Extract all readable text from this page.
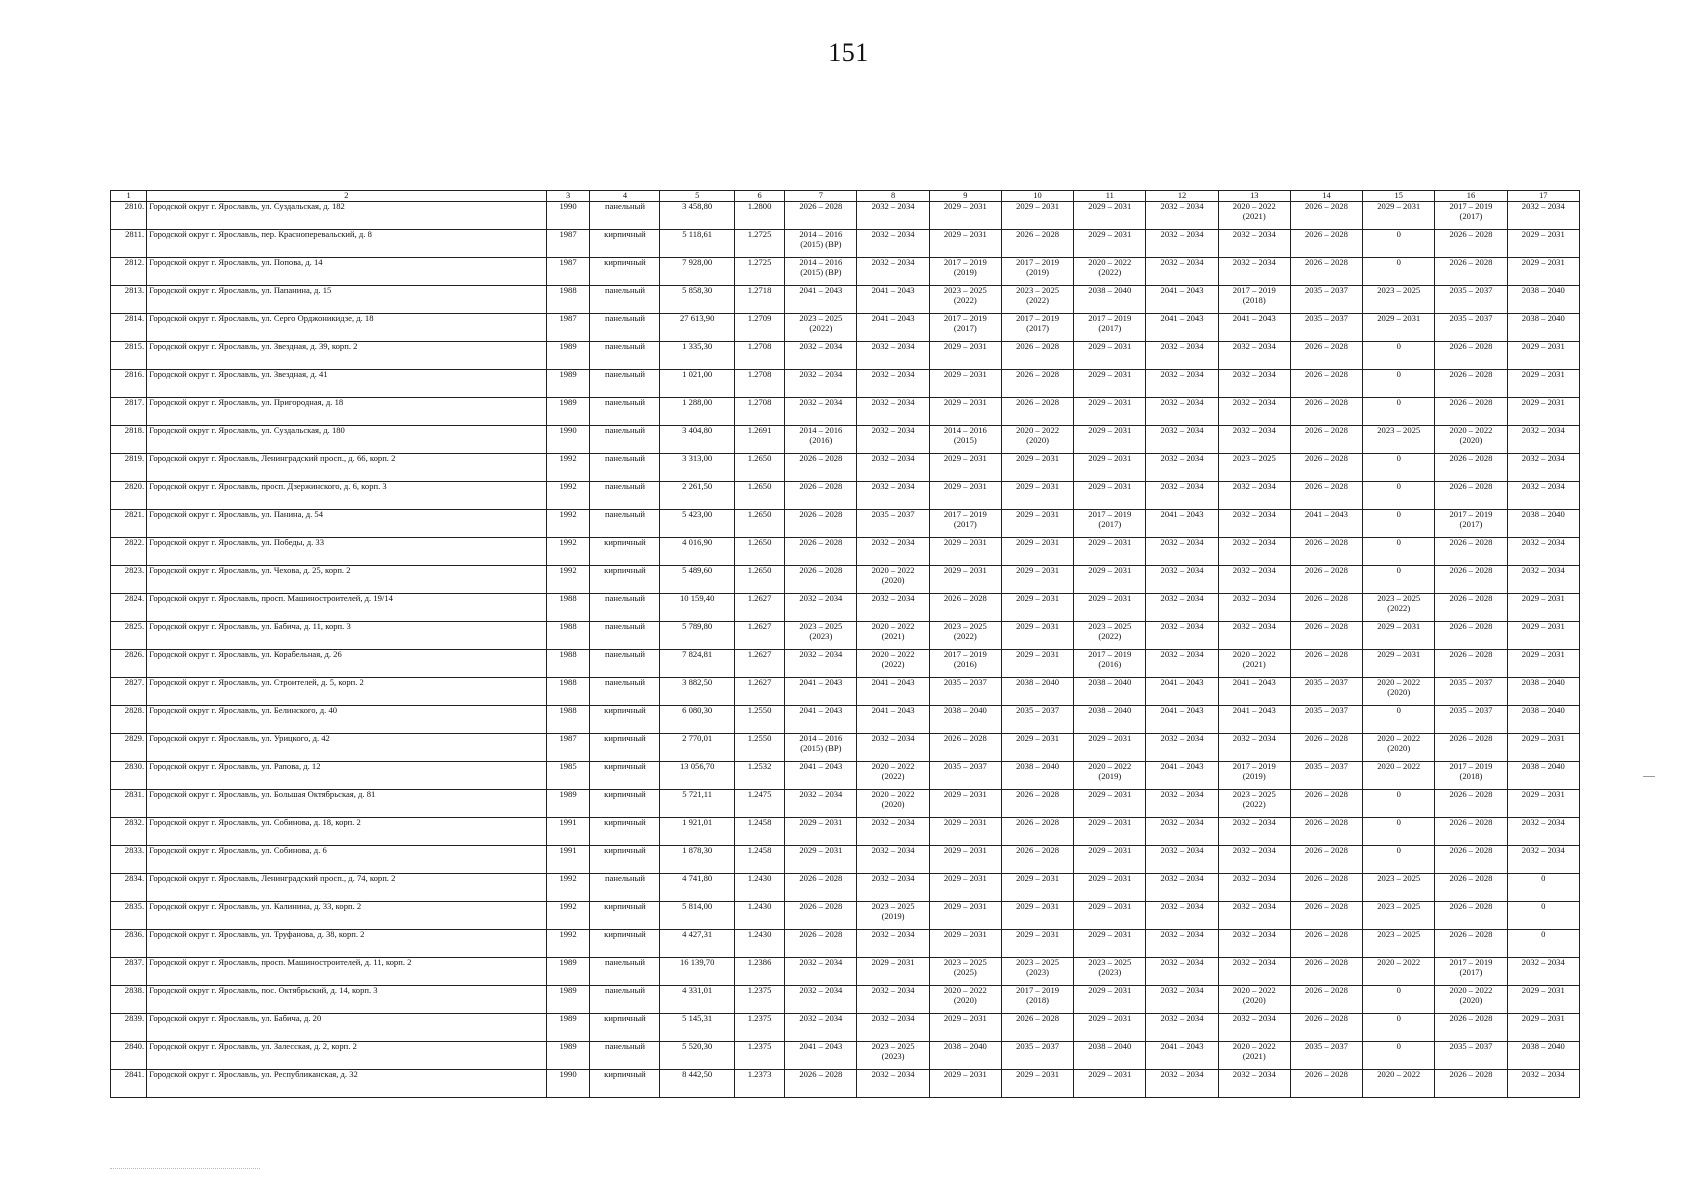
151
1	2	3	4	5	6	7	8	9	10	11	12	13	14	15	16	17
2810.	Городской округ г. Ярославль, ул. Суздальская, д. 182	1990	панельный	3 458,80	1.2800	2026 – 2028	2032 – 2034	2029 – 2031	2029 – 2031	2029 – 2031	2032 – 2034	2020 – 2022 (2021)	2026 – 2028	2029 – 2031	2017 – 2019 (2017)	2032 – 2034
2811.	Городской округ г. Ярославль, пер. Красноперевальский, д. 8	1987	кирпичный	5 118,61	1.2725	2014 – 2016 (2015) (ВР)	2032 – 2034	2029 – 2031	2026 – 2028	2029 – 2031	2032 – 2034	2032 – 2034	2026 – 2028	0	2026 – 2028	2029 – 2031
2812.	Городской округ г. Ярославль, ул. Попова, д. 14	1987	кирпичный	7 928,00	1.2725	2014 – 2016 (2015) (ВР)	2032 – 2034	2017 – 2019 (2019)	2017 – 2019 (2019)	2020 – 2022 (2022)	2032 – 2034	2032 – 2034	2026 – 2028	0	2026 – 2028	2029 – 2031
2813.	Городской округ г. Ярославль, ул. Папанина, д. 15	1988	панельный	5 858,30	1.2718	2041 – 2043	2041 – 2043	2023 – 2025 (2022)	2023 – 2025 (2022)	2038 – 2040	2041 – 2043	2017 – 2019 (2018)	2035 – 2037	2023 – 2025	2035 – 2037	2038 – 2040
2814.	Городской округ г. Ярославль, ул. Серго Орджоникидзе, д. 18	1987	панельный	27 613,90	1.2709	2023 – 2025 (2022)	2041 – 2043	2017 – 2019 (2017)	2017 – 2019 (2017)	2017 – 2019 (2017)	2041 – 2043	2041 – 2043	2035 – 2037	2029 – 2031	2035 – 2037	2038 – 2040
2815.	Городской округ г. Ярославль, ул. Звездная, д. 39, корп. 2	1989	панельный	1 335,30	1.2708	2032 – 2034	2032 – 2034	2029 – 2031	2026 – 2028	2029 – 2031	2032 – 2034	2032 – 2034	2026 – 2028	0	2026 – 2028	2029 – 2031
2816.	Городской округ г. Ярославль, ул. Звездная, д. 41	1989	панельный	1 021,00	1.2708	2032 – 2034	2032 – 2034	2029 – 2031	2026 – 2028	2029 – 2031	2032 – 2034	2032 – 2034	2026 – 2028	0	2026 – 2028	2029 – 2031
2817.	Городской округ г. Ярославль, ул. Пригородная, д. 18	1989	панельный	1 288,00	1.2708	2032 – 2034	2032 – 2034	2029 – 2031	2026 – 2028	2029 – 2031	2032 – 2034	2032 – 2034	2026 – 2028	0	2026 – 2028	2029 – 2031
2818.	Городской округ г. Ярославль, ул. Суздальская, д. 180	1990	панельный	3 404,80	1.2691	2014 – 2016 (2016)	2032 – 2034	2014 – 2016 (2015)	2020 – 2022 (2020)	2029 – 2031	2032 – 2034	2032 – 2034	2026 – 2028	2023 – 2025	2020 – 2022 (2020)	2032 – 2034
2819.	Городской округ г. Ярославль, Ленинградский просп., д. 66, корп. 2	1992	панельный	3 313,00	1.2650	2026 – 2028	2032 – 2034	2029 – 2031	2029 – 2031	2029 – 2031	2032 – 2034	2023 – 2025	2026 – 2028	0	2026 – 2028	2032 – 2034
2820.	Городской округ г. Ярославль, просп. Дзержинского, д. 6, корп. 3	1992	панельный	2 261,50	1.2650	2026 – 2028	2032 – 2034	2029 – 2031	2029 – 2031	2029 – 2031	2032 – 2034	2032 – 2034	2026 – 2028	0	2026 – 2028	2032 – 2034
2821.	Городской округ г. Ярославль, ул. Панина, д. 54	1992	панельный	5 423,00	1.2650	2026 – 2028	2035 – 2037	2017 – 2019 (2017)	2029 – 2031	2017 – 2019 (2017)	2041 – 2043	2032 – 2034	2041 – 2043	0	2017 – 2019 (2017)	2038 – 2040
2822.	Городской округ г. Ярославль, ул. Победы, д. 33	1992	кирпичный	4 016,90	1.2650	2026 – 2028	2032 – 2034	2029 – 2031	2029 – 2031	2029 – 2031	2032 – 2034	2032 – 2034	2026 – 2028	0	2026 – 2028	2032 – 2034
2823.	Городской округ г. Ярославль, ул. Чехова, д. 25, корп. 2	1992	кирпичный	5 489,60	1.2650	2026 – 2028	2020 – 2022 (2020)	2029 – 2031	2029 – 2031	2029 – 2031	2032 – 2034	2032 – 2034	2026 – 2028	0	2026 – 2028	2032 – 2034
2824.	Городской округ г. Ярославль, просп. Машиностроителей, д. 19/14	1988	панельный	10 159,40	1.2627	2032 – 2034	2032 – 2034	2026 – 2028	2029 – 2031	2029 – 2031	2032 – 2034	2032 – 2034	2026 – 2028	2023 – 2025 (2022)	2026 – 2028	2029 – 2031
2825.	Городской округ г. Ярославль, ул. Бабича, д. 11, корп. 3	1988	панельный	5 789,80	1.2627	2023 – 2025 (2023)	2020 – 2022 (2021)	2023 – 2025 (2022)	2029 – 2031	2023 – 2025 (2022)	2032 – 2034	2032 – 2034	2026 – 2028	2029 – 2031	2026 – 2028	2029 – 2031
2826.	Городской округ г. Ярославль, ул. Корабельная, д. 26	1988	панельный	7 824,81	1.2627	2032 – 2034	2020 – 2022 (2022)	2017 – 2019 (2016)	2029 – 2031	2017 – 2019 (2016)	2032 – 2034	2020 – 2022 (2021)	2026 – 2028	2029 – 2031	2026 – 2028	2029 – 2031
2827.	Городской округ г. Ярославль, ул. Строителей, д. 5, корп. 2	1988	панельный	3 882,50	1.2627	2041 – 2043	2041 – 2043	2035 – 2037	2038 – 2040	2038 – 2040	2041 – 2043	2041 – 2043	2035 – 2037	2020 – 2022 (2020)	2035 – 2037	2038 – 2040
2828.	Городской округ г. Ярославль, ул. Белинского, д. 40	1988	кирпичный	6 080,30	1.2550	2041 – 2043	2041 – 2043	2038 – 2040	2035 – 2037	2038 – 2040	2041 – 2043	2041 – 2043	2035 – 2037	0	2035 – 2037	2038 – 2040
2829.	Городской округ г. Ярославль, ул. Урицкого, д. 42	1987	кирпичный	2 770,01	1.2550	2014 – 2016 (2015) (ВР)	2032 – 2034	2026 – 2028	2029 – 2031	2029 – 2031	2032 – 2034	2032 – 2034	2026 – 2028	2020 – 2022 (2020)	2026 – 2028	2029 – 2031
2830.	Городской округ г. Ярославль, ул. Рапова, д. 12	1985	кирпичный	13 056,70	1.2532	2041 – 2043	2020 – 2022 (2022)	2035 – 2037	2038 – 2040	2020 – 2022 (2019)	2041 – 2043	2017 – 2019 (2019)	2035 – 2037	2020 – 2022	2017 – 2019 (2018)	2038 – 2040
2831.	Городской округ г. Ярославль, ул. Большая Октябрьская, д. 81	1989	кирпичный	5 721,11	1.2475	2032 – 2034	2020 – 2022 (2020)	2029 – 2031	2026 – 2028	2029 – 2031	2032 – 2034	2023 – 2025 (2022)	2026 – 2028	0	2026 – 2028	2029 – 2031
2832.	Городской округ г. Ярославль, ул. Собинова, д. 18, корп. 2	1991	кирпичный	1 921,01	1.2458	2029 – 2031	2032 – 2034	2029 – 2031	2026 – 2028	2029 – 2031	2032 – 2034	2032 – 2034	2026 – 2028	0	2026 – 2028	2032 – 2034
2833.	Городской округ г. Ярославль, ул. Собинова, д. 6	1991	кирпичный	1 878,30	1.2458	2029 – 2031	2032 – 2034	2029 – 2031	2026 – 2028	2029 – 2031	2032 – 2034	2032 – 2034	2026 – 2028	0	2026 – 2028	2032 – 2034
2834.	Городской округ г. Ярославль, Ленинградский просп., д. 74, корп. 2	1992	панельный	4 741,80	1.2430	2026 – 2028	2032 – 2034	2029 – 2031	2029 – 2031	2029 – 2031	2032 – 2034	2032 – 2034	2026 – 2028	2023 – 2025	2026 – 2028	0
2835.	Городской округ г. Ярославль, ул. Калинина, д. 33, корп. 2	1992	кирпичный	5 814,00	1.2430	2026 – 2028	2023 – 2025 (2019)	2029 – 2031	2029 – 2031	2029 – 2031	2032 – 2034	2032 – 2034	2026 – 2028	2023 – 2025	2026 – 2028	0
2836.	Городской округ г. Ярославль, ул. Труфанова, д. 38, корп. 2	1992	кирпичный	4 427,31	1.2430	2026 – 2028	2032 – 2034	2029 – 2031	2029 – 2031	2029 – 2031	2032 – 2034	2032 – 2034	2026 – 2028	2023 – 2025	2026 – 2028	0
2837.	Городской округ г. Ярославль, просп. Машиностроителей, д. 11, корп. 2	1989	панельный	16 139,70	1.2386	2032 – 2034	2029 – 2031	2023 – 2025 (2025)	2023 – 2025 (2023)	2023 – 2025 (2023)	2032 – 2034	2032 – 2034	2026 – 2028	2020 – 2022	2017 – 2019 (2017)	2032 – 2034
2838.	Городской округ г. Ярославль, пос. Октябрьский, д. 14, корп. 3	1989	панельный	4 331,01	1.2375	2032 – 2034	2032 – 2034	2020 – 2022 (2020)	2017 – 2019 (2018)	2029 – 2031	2032 – 2034	2020 – 2022 (2020)	2026 – 2028	0	2020 – 2022 (2020)	2029 – 2031
2839.	Городской округ г. Ярославль, ул. Бабича, д. 20	1989	кирпичный	5 145,31	1.2375	2032 – 2034	2032 – 2034	2029 – 2031	2026 – 2028	2029 – 2031	2032 – 2034	2032 – 2034	2026 – 2028	0	2026 – 2028	2029 – 2031
2840.	Городской округ г. Ярославль, ул. Залесская, д. 2, корп. 2	1989	панельный	5 520,30	1.2375	2041 – 2043	2023 – 2025 (2023)	2038 – 2040	2035 – 2037	2038 – 2040	2041 – 2043	2020 – 2022 (2021)	2035 – 2037	0	2035 – 2037	2038 – 2040
2841.	Городской округ г. Ярославль, ул. Республиканская, д. 32	1990	кирпичный	8 442,50	1.2373	2026 – 2028	2032 – 2034	2029 – 2031	2029 – 2031	2029 – 2031	2032 – 2034	2032 – 2034	2026 – 2028	2020 – 2022	2026 – 2028	2032 – 2034
